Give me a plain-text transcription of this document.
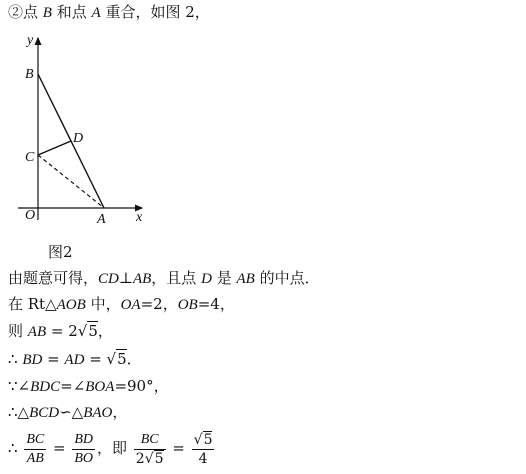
②点 B 和点 A 重合，如图 2，
y
B
D
C
O	A x
图2
由题意可得，CD⊥AB，且点 D 是 AB 的中点．
在 Rt△AOB 中，OA=2，OB=4，
则 AB = 2√5，
∴ BD = AD = √5．
∵∠BDC=∠BOA=90°，
∴△BCD∽△BAO，
∴ $\frac{BC}{AB} = \frac{BD}{BO}$ ，即 $\frac{BC}{2√5} = \frac{√5}{4}$
